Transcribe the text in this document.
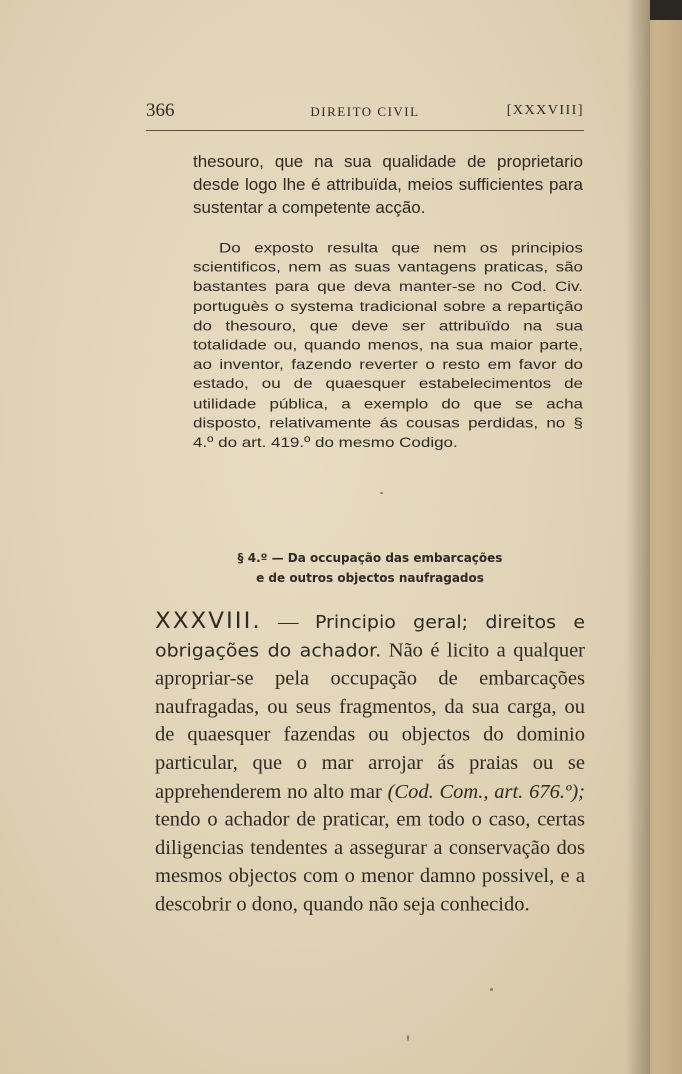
366	DIREITO CIVIL	[XXXVIII]

thesouro, que na sua qualidade de proprietario desde logo lhe é attribuïda, meios sufficientes para sustentar a competente acção.

Do exposto resulta que nem os principios scientificos, nem as suas vantagens praticas, são bastantes para que deva manter-se no Cod. Civ. portuguès o systema tradicional sobre a repartição do thesouro, que deve ser attribuïdo na sua totalidade ou, quando menos, na sua maior parte, ao inventor, fazendo reverter o resto em favor do estado, ou de quaesquer estabelecimentos de utilidade pública, a exemplo do que se acha disposto, relativamente ás cousas perdidas, no § 4.º do art. 419.º do mesmo Codigo.

§ 4.º — Da occupação das embarcações
e de outros objectos naufragados

XXXVIII. — Principio geral; direitos e obrigações do achador. Não é licito a qualquer apropriar-se pela occupação de embarcações naufragadas, ou seus fragmentos, da sua carga, ou de quaesquer fazendas ou objectos do dominio particular, que o mar arrojar ás praias ou se apprehenderem no alto mar (Cod. Com., art. 676.º); tendo o achador de praticar, em todo o caso, certas diligencias tendentes a assegurar a conservação dos mesmos objectos com o menor damno possivel, e a descobrir o dono, quando não seja conhecido.
